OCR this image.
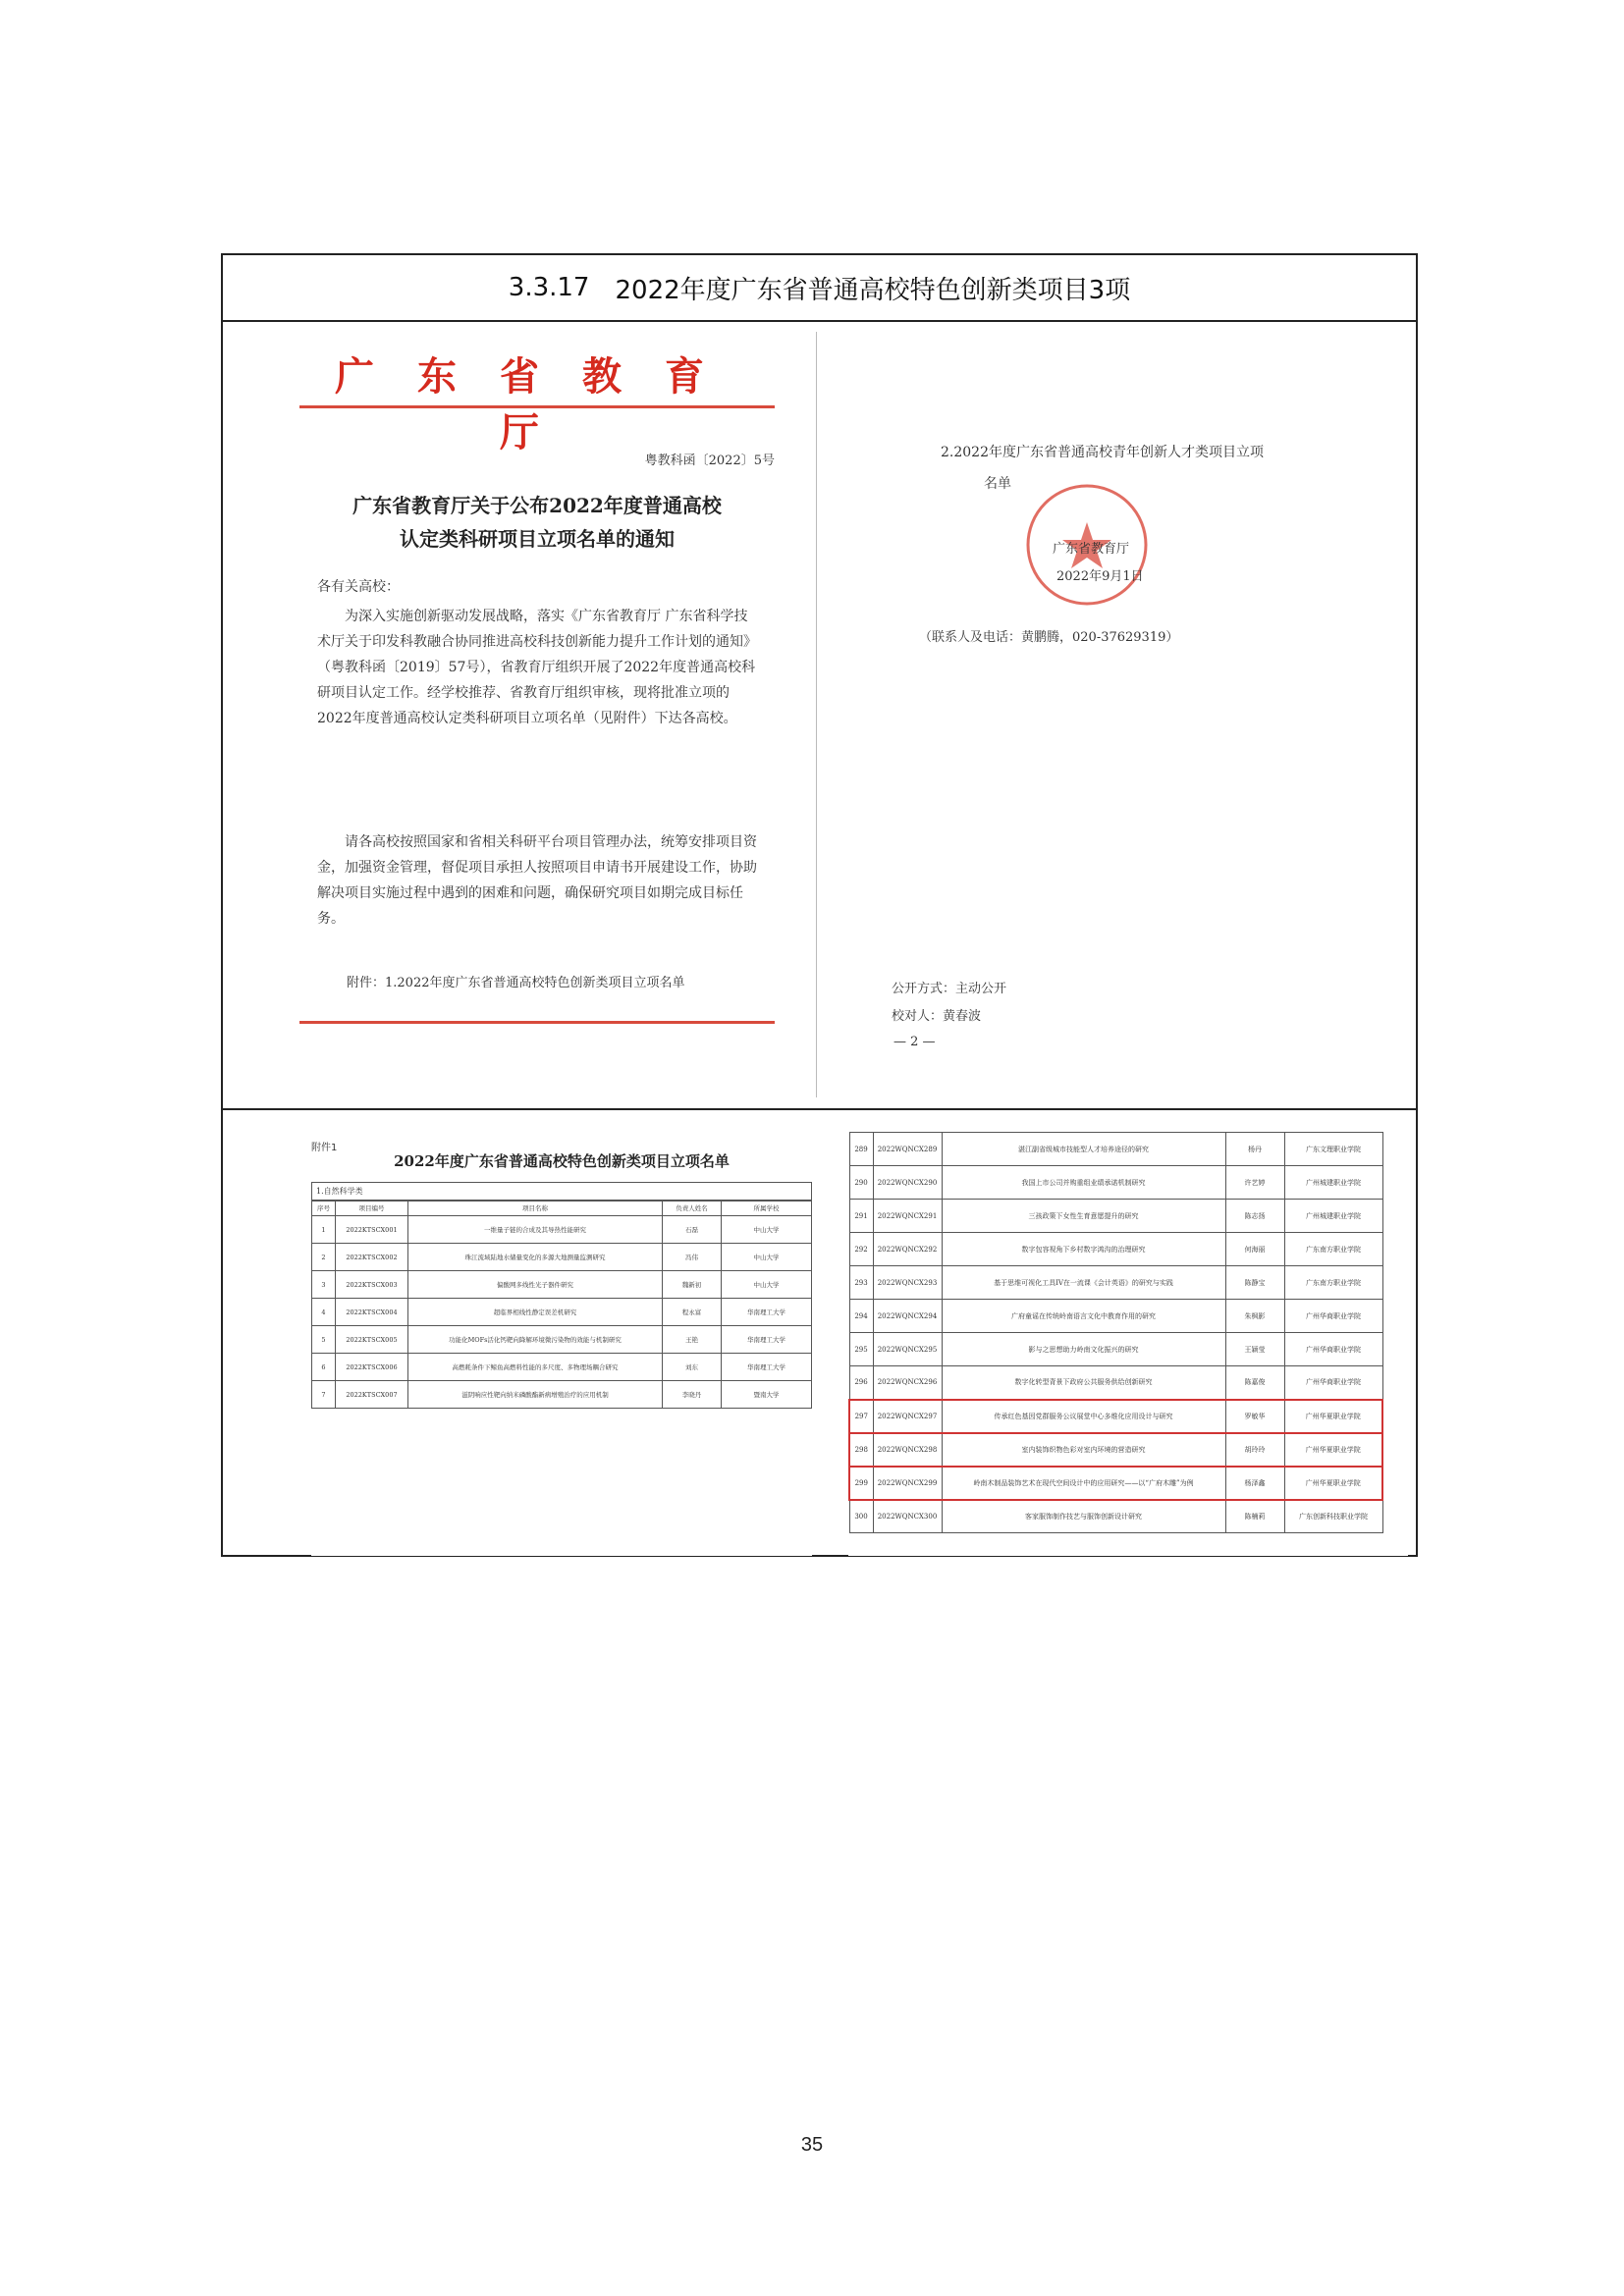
3.3.17 2022年度广东省普通高校特色创新类项目3项
广东省教育厅
粤教科函〔2022〕5号
广东省教育厅关于公布2022年度普通高校
认定类科研项目立项名单的通知
各有关高校：
为深入实施创新驱动发展战略，落实《广东省教育厅 广东省科学技术厅关于印发科教融合协同推进高校科技创新能力提升工作计划的通知》（粤教科函〔2019〕57号），省教育厅组织开展了2022年度普通高校科研项目认定工作。经学校推荐、省教育厅组织审核，现将批准立项的2022年度普通高校认定类科研项目立项名单（见附件）下达各高校。
请各高校按照国家和省相关科研平台项目管理办法，统筹安排项目资金，加强资金管理，督促项目承担人按照项目申请书开展建设工作，协助解决项目实施过程中遇到的困难和问题，确保研究项目如期完成目标任务。
附件：1.2022年度广东省普通高校特色创新类项目立项名单
2.2022年度广东省普通高校青年创新人才类项目立项
名单
广东省教育厅
2022年9月1日
（联系人及电话：黄鹏腾，020-37629319）
公开方式：主动公开
校对人：黄春波
— 2 —
附件1
2022年度广东省普通高校特色创新类项目立项名单
1.自然科学类
序号	项目编号	项目名称	负责人姓名	所属学校
1	2022KTSCX001	一维量子链的合成及其导热性能研究	石磊	中山大学
2	2022KTSCX002	珠江流域陆地水储量变化的多源大地测量监测研究	冯伟	中山大学
3	2022KTSCX003	偏酸网多线性光子器件研究	魏新初	中山大学
4	2022KTSCX004	超临界相线性静定误差机研究	程永富	华南理工大学
5	2022KTSCX005	功能化MOFs活化钙靶向降解环境微污染物的效能与机制研究	王艳	华南理工大学
6	2022KTSCX006	高燃耗条件下鲸鱼高燃料性能的多尺度、多物理场耦合研究	刘东	华南理工大学
7	2022KTSCX007	滋阴响应性靶向纳米磷酸酯新病增殖治疗的应用机制	李晓丹	暨南大学
289	2022WQNCX289	湛江副省级城市技能型人才培养途径的研究	杨丹	广东文理职业学院
290	2022WQNCX290	我国上市公司并购重组业绩承诺机制研究	许艺婷	广州城建职业学院
291	2022WQNCX291	三孩政策下女性生育意愿提升的研究	陈志扬	广州城建职业学院
292	2022WQNCX292	数字包容视角下乡村数字鸿沟的治理研究	何海丽	广东南方职业学院
293	2022WQNCX293	基于思维可视化工具IV在一流课《会计英语》的研究与实践	陈静宝	广东南方职业学院
294	2022WQNCX294	广府童谣在传统岭南语言文化中教育作用的研究	朱枫影	广州华商职业学院
295	2022WQNCX295	影与之思想助力岭南文化振兴的研究	王颖莹	广州华商职业学院
296	2022WQNCX296	数字化转型背景下政府公共服务供给创新研究	陈嘉俊	广州华商职业学院
297	2022WQNCX297	传承红色基因党群服务公议展堂中心多维化应用设计与研究	罗敏华	广州华夏职业学院
298	2022WQNCX298	室内装饰织物色彩对室内环境的营造研究	胡玲玲	广州华夏职业学院
299	2022WQNCX299	岭南木制品装饰艺术在现代空间设计中的应用研究——以“广府木雕”为例	杨泽鑫	广州华夏职业学院
300	2022WQNCX300	客家服饰制作技艺与服饰创新设计研究	陈楠莉	广东创新科技职业学院
35
